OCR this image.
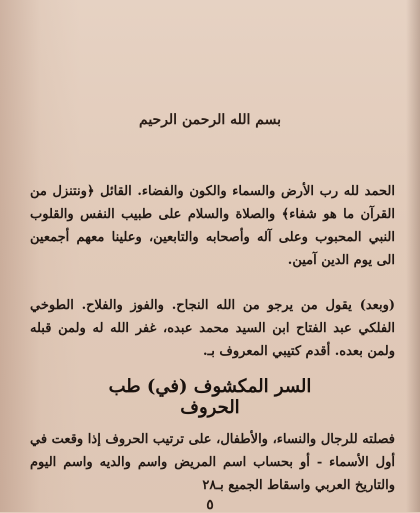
بسم الله الرحمن الرحيم
الحمد لله رب الأرض والسماء والكون والفضاء. القائل ﴿ونتنزل من القرآن ما هو شفاء﴾ والصلاة والسلام على طبيب النفس والقلوب النبي المحبوب وعلى آله وأصحابه والتابعين، وعلينا معهم أجمعين الى يوم الدين آمين.
(وبعد) يقول من يرجو من الله النجاح. والفوز والفلاح. الطوخي الفلكي عبد الفتاح ابن السيد محمد عبده، غفر الله له ولمن قبله ولمن بعده. أقدم كتيبي المعروف بـ.
السر المكشوف (في) طب الحروف
فصلته للرجال والنساء، والأطفال، على ترتيب الحروف إذا وقعت في أول الأسماء - أو بحساب اسم المريض واسم والديه واسم اليوم والتاريخ العربي واسقاط الجميع بـ٢٨
٥
